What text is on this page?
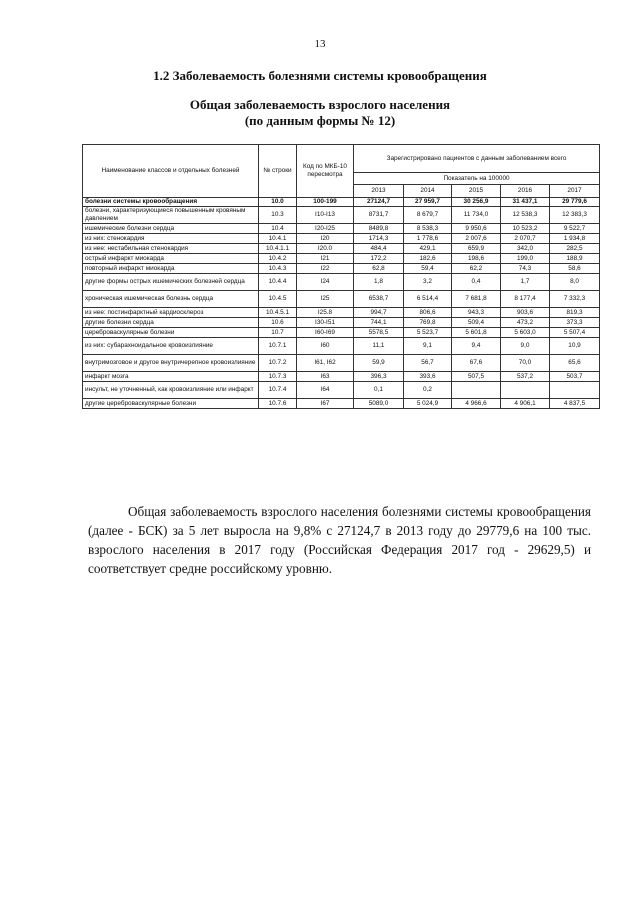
13
1.2 Заболеваемость болезнями системы кровообращения
Общая заболеваемость взрослого населения
(по данным формы № 12)
Наименование классов и отдельных болезней	№ строки	Код по МКБ-10 пересмотра	Зарегистрировано пациентов с данным заболеванием всего				
			Показатель на 100000				
			2013	2014	2015	2016	2017
болезни системы кровообращения	10.0	100-199	27124,7	27 959,7	30 256,9	31 437,1	29 779,6
болезни, характеризующиеся повышенным кровяным давлением	10.3	I10-I13	8731,7	8 679,7	11 734,0	12 538,3	12 383,3
ишемические болезни сердца	10.4	I20-I25	8489,8	8 538,3	9 950,6	10 523,2	9 522,7
из них: стенокардия	10.4.1	I20	1714,3	1 778,6	2 007,6	2 070,7	1 934,8
из нее: нестабильная стенокардия	10.4.1.1	I20.0	484,4	429,1	659,9	342,0	282,5
острый инфаркт миокарда	10.4.2	I21	172,2	182,6	198,6	199,0	188,9
повторный инфаркт миокарда	10.4.3	I22	62,8	59,4	62,2	74,3	58,6
другие формы острых ишемических болезней сердца	10.4.4	I24	1,8	3,2	0,4	1,7	8,0
хроническая ишемическая болезнь сердца	10.4.5	I25	6538,7	6 514,4	7 681,8	8 177,4	7 332,3
из нее: постинфарктный кардиосклероз	10.4.5.1	I25.8	994,7	806,6	943,3	903,6	819,3
другие болезни сердца	10.6	I30-I51	744,1	769,8	509,4	473,2	373,3
цереброваскулярные болезни	10.7	I60-I69	5578,5	5 523,7	5 601,8	5 603,0	5 507,4
из них: субарахноидальное кровоизлияние	10.7.1	I60	11,1	9,1	9,4	9,0	10,9
внутримозговое и другое внутричерепное кровоизлияние	10.7.2	I61, I62	59,9	56,7	67,6	70,0	65,6
инфаркт мозга	10.7.3	I63	396,3	393,6	507,5	537,2	503,7
инсульт, не уточненный, как кровоизлияние или инфаркт	10.7.4	I64	0,1	0,2			
другие цереброваскулярные болезни	10.7.6	I67	5089,0	5 024,9	4 966,6	4 906,1	4 837,5

Общая заболеваемость взрослого населения болезнями системы кровообращения (далее - БСК) за 5 лет выросла на 9,8% с 27124,7 в 2013 году до 29779,6 на 100 тыс. взрослого населения в 2017 году (Российская Федерация 2017 год - 29629,5) и соответствует средне российскому уровню.
